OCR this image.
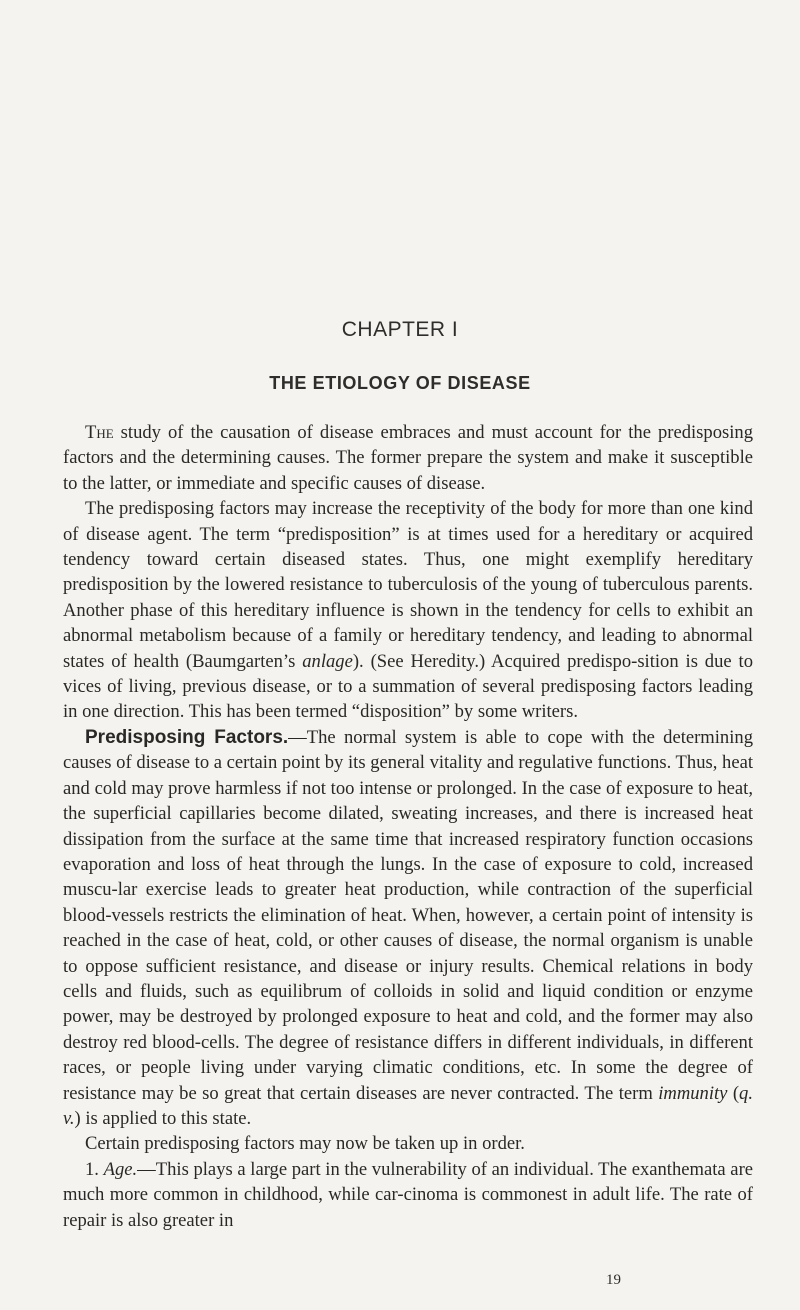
CHAPTER I
THE ETIOLOGY OF DISEASE

The study of the causation of disease embraces and must account for the predisposing factors and the determining causes. The former prepare the system and make it susceptible to the latter, or immediate and specific causes of disease.

The predisposing factors may increase the receptivity of the body for more than one kind of disease agent. The term “predisposition” is at times used for a hereditary or acquired tendency toward certain diseased states. Thus, one might exemplify hereditary predisposition by the lowered resistance to tuberculosis of the young of tuberculous parents. Another phase of this hereditary influence is shown in the tendency for cells to exhibit an abnormal metabolism because of a family or hereditary tendency, and leading to abnormal states of health (Baumgarten’s anlage). (See Heredity.) Acquired predispo-sition is due to vices of living, previous disease, or to a summation of several predisposing factors leading in one direction. This has been termed “disposition” by some writers.

Predisposing Factors.—The normal system is able to cope with the determining causes of disease to a certain point by its general vitality and regulative functions. Thus, heat and cold may prove harmless if not too intense or prolonged. In the case of exposure to heat, the superficial capillaries become dilated, sweating increases, and there is increased heat dissipation from the surface at the same time that increased respiratory function occasions evaporation and loss of heat through the lungs. In the case of exposure to cold, increased muscu-lar exercise leads to greater heat production, while contraction of the superficial blood-vessels restricts the elimination of heat. When, however, a certain point of intensity is reached in the case of heat, cold, or other causes of disease, the normal organism is unable to oppose sufficient resistance, and disease or injury results. Chemical relations in body cells and fluids, such as equilibrum of colloids in solid and liquid condition or enzyme power, may be destroyed by prolonged exposure to heat and cold, and the former may also destroy red blood-cells. The degree of resistance differs in different individuals, in different races, or people living under varying climatic conditions, etc. In some the degree of resistance may be so great that certain diseases are never contracted. The term immunity (q. v.) is applied to this state.

Certain predisposing factors may now be taken up in order.

1. Age.—This plays a large part in the vulnerability of an individual. The exanthemata are much more common in childhood, while car-cinoma is commonest in adult life. The rate of repair is also greater in

19
